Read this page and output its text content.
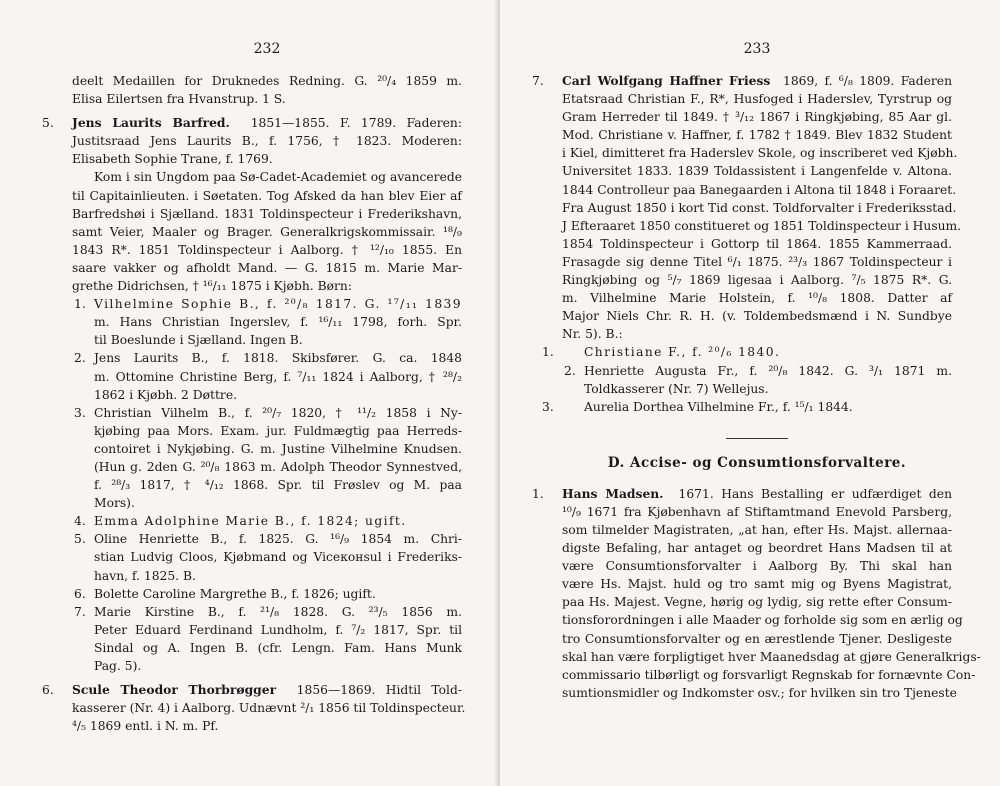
232
deelt Medaillen for Druknedes Redning. G. ²⁰/₄ 1859 m.
Elisa Eilertsen fra Hvanstrup. 1 S.
5.	Jens Laurits Barfred. 1851—1855. F. 1789. Faderen:
Justitsraad Jens Laurits B., f. 1756, † 1823. Moderen:
Elisabeth Sophie Trane, f. 1769.
Kom i sin Ungdom paa Sø-Cadet-Academiet og avancerede
til Capitainlieuten. i Søetaten. Tog Afsked da han blev Eier af
Barfredshøi i Sjælland. 1831 Toldinspecteur i Frederikshavn,
samt Veier, Maaler og Brager. Generalkrigskommissair. ¹⁸/₉
1843 R*. 1851 Toldinspecteur i Aalborg. † ¹²/₁₀ 1855. En
saare vakker og afholdt Mand. — G. 1815 m. Marie Mar-
grethe Didrichsen, † ¹⁶/₁₁ 1875 i Kjøbh. Børn:
1. Vilhelmine Sophie B., f. ²⁰/₈ 1817. G. ¹⁷/₁₁ 1839
m. Hans Christian Ingerslev, f. ¹⁶/₁₁ 1798, forh. Spr.
til Boeslunde i Sjælland. Ingen B.
2. Jens Laurits B., f. 1818. Skibsfører. G. ca. 1848
m. Ottomine Christine Berg, f. ⁷/₁₁ 1824 i Aalborg, † ²⁸/₂
1862 i Kjøbh. 2 Døttre.
3. Christian Vilhelm B., f. ²⁰/₇ 1820, † ¹¹/₂ 1858 i Ny-
kjøbing paa Mors. Exam. jur. Fuldmægtig paa Herreds-
contoiret i Nykjøbing. G. m. Justine Vilhelmine Knudsen.
(Hun g. 2den G. ²⁰/₈ 1863 m. Adolph Theodor Synnestved,
f. ²⁸/₃ 1817, † ⁴/₁₂ 1868. Spr. til Frøslev og M. paa
Mors).
4. Emma Adolphine Marie B., f. 1824; ugift.
5. Oline Henriette B., f. 1825. G. ¹⁶/₉ 1854 m. Chri-
stian Ludvig Cloos, Kjøbmand og Viceконsul i Frederiks-
havn, f. 1825. B.
6. Bolette Caroline Margrethe B., f. 1826; ugift.
7. Marie Kirstine B., f. ²¹/₈ 1828. G. ²³/₅ 1856 m.
Peter Eduard Ferdinand Lundholm, f. ⁷/₂ 1817, Spr. til
Sindal og A. Ingen B. (cfr. Lengn. Fam. Hans Munk
Pag. 5).
6.	Scule Theodor Thorbrøgger 1856—1869. Hidtil Told-
kasserer (Nr. 4) i Aalborg. Udnævnt ²/₁ 1856 til Toldinspecteur.
⁴/₅ 1869 entl. i N. m. Pf.
233
7.	Carl Wolfgang Haffner Friess 1869, f. ⁶/₈ 1809. Faderen
Etatsraad Christian F., R*, Husfoged i Haderslev, Tyrstrup og
Gram Herreder til 1849. † ³/₁₂ 1867 i Ringkjøbing, 85 Aar gl.
Mod. Christiane v. Haffner, f. 1782 † 1849. Blev 1832 Student
i Kiel, dimitteret fra Haderslev Skole, og inscriberet ved Kjøbh.
Universitet 1833. 1839 Toldassistent i Langenfelde v. Altona.
1844 Controlleur paa Banegaarden i Altona til 1848 i Foraaret.
Fra August 1850 i kort Tid const. Toldforvalter i Frederiksstad.
J Efteraaret 1850 constitueret og 1851 Toldinspecteur i Husum.
1854 Toldinspecteur i Gottorp til 1864. 1855 Kammerraad.
Frasagde sig denne Titel ⁶/₁ 1875. ²³/₃ 1867 Toldinspecteur i
Ringkjøbing og ⁵/₇ 1869 ligesaa i Aalborg. ⁷/₅ 1875 R*. G.
m. Vilhelmine Marie Holstein, f. ¹⁰/₈ 1808. Datter af
Major Niels Chr. R. H. (v. Toldembedsmænd i N. Sundbye
Nr. 5). B.:
1.	Christiane F., f. ²⁰/₆ 1840.
2. Henriette Augusta Fr., f. ²⁰/₈ 1842. G. ³/₁ 1871 m.
Toldkasserer (Nr. 7) Wellejus.
3.	Aurelia Dorthea Vilhelmine Fr., f. ¹⁵/₁ 1844.
D. Accise- og Consumtionsforvaltere.
1.	Hans Madsen. 1671. Hans Bestalling er udfærdiget den
¹⁰/₉ 1671 fra Kjøbenhavn af Stiftamtmand Enevold Parsberg,
som tilmelder Magistraten, „at han, efter Hs. Majst. allernaa-
digste Befaling, har antaget og beordret Hans Madsen til at
være Consumtionsforvalter i Aalborg By. Thi skal han
være Hs. Majst. huld og tro samt mig og Byens Magistrat,
paa Hs. Majest. Vegne, hørig og lydig, sig rette efter Consum-
tionsforordningen i alle Maader og forholde sig som en ærlig og
tro Consumtionsforvalter og en ærestlende Tjener. Desligeste
skal han være forpligtiget hver Maanedsdag at gjøre Generalkrigs-
commissario tilbørligt og forsvarligt Regnskab for fornævnte Con-
sumtionsmidler og Indkomster osv.; for hvilken sin tro Tjeneste
